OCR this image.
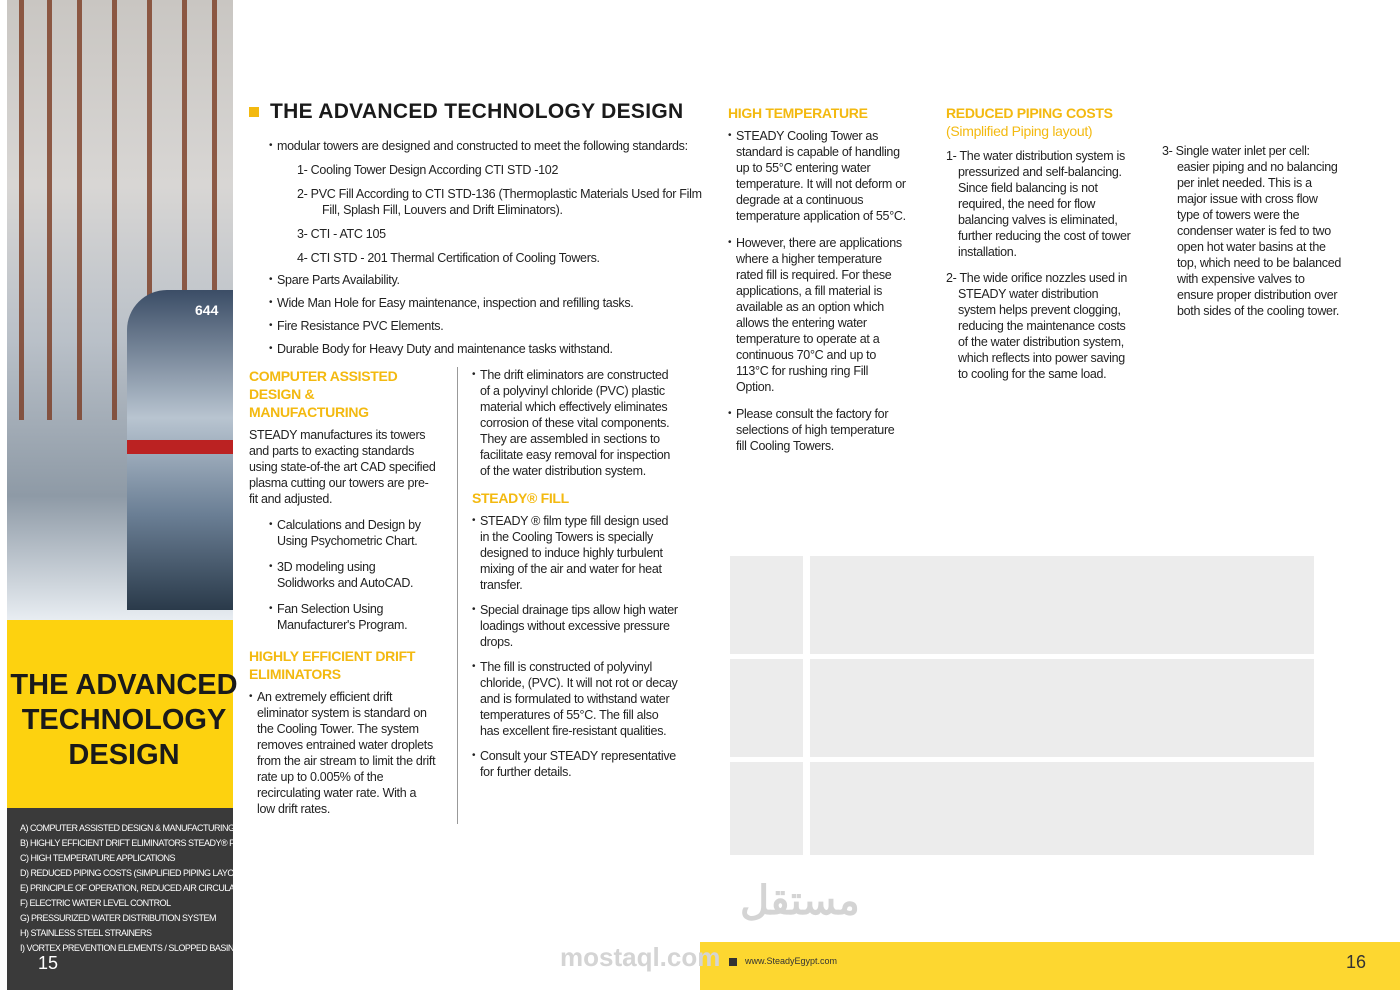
644
THE ADVANCED TECHNOLOGY DESIGN
A) COMPUTER ASSISTED DESIGN & MANUFACTURING.
B) HIGHLY EFFICIENT DRIFT ELIMINATORS STEADY® FILL
C) HIGH TEMPERATURE APPLICATIONS
D) REDUCED PIPING COSTS (SIMPLIFIED PIPING LAYOUT)
E) PRINCIPLE OF OPERATION, REDUCED AIR CIRCULATION
F) ELECTRIC WATER LEVEL CONTROL
G) PRESSURIZED WATER DISTRIBUTION SYSTEM
H) STAINLESS STEEL STRAINERS
I) VORTEX PREVENTION ELEMENTS / SLOPPED BASIN
15
THE ADVANCED TECHNOLOGY DESIGN
• modular towers are designed and constructed to meet the following standards:
1- Cooling Tower Design According CTI STD -102
2- PVC Fill According to CTI STD-136 (Thermoplastic Materials Used for Film Fill, Splash Fill, Louvers and Drift Eliminators).
3- CTI - ATC 105
4- CTI STD - 201 Thermal Certification of Cooling Towers.
• Spare Parts Availability.
• Wide Man Hole for Easy maintenance, inspection and refilling tasks.
• Fire Resistance PVC Elements.
• Durable Body for Heavy Duty and maintenance tasks withstand.
COMPUTER ASSISTED DESIGN & MANUFACTURING
STEADY manufactures its towers and parts to exacting standards using state-of-the art CAD specified plasma cutting our towers are pre-fit and adjusted.
• Calculations and Design by Using Psychometric Chart.
• 3D modeling using Solidworks and AutoCAD.
• Fan Selection Using Manufacturer's Program.
HIGHLY EFFICIENT DRIFT ELIMINATORS
• An extremely efficient drift eliminator system is standard on the Cooling Tower. The system removes entrained water droplets from the air stream to limit the drift rate up to 0.005% of the recirculating water rate. With a low drift rates.
• The drift eliminators are constructed of a polyvinyl chloride (PVC) plastic material which effectively eliminates corrosion of these vital components. They are assembled in sections to facilitate easy removal for inspection of the water distribution system.
STEADY® FILL
• STEADY ® film type fill design used in the Cooling Towers is specially designed to induce highly turbulent mixing of the air and water for heat transfer.
• Special drainage tips allow high water loadings without excessive pressure drops.
• The fill is constructed of polyvinyl chloride, (PVC). It will not rot or decay and is formulated to withstand water temperatures of 55°C. The fill also has excellent fire-resistant qualities.
• Consult your STEADY representative for further details.
HIGH TEMPERATURE
• STEADY Cooling Tower as standard is capable of handling up to 55°C entering water temperature. It will not deform or degrade at a continuous temperature application of 55°C.
• However, there are applications where a higher temperature rated fill is required. For these applications, a fill material is available as an option which allows the entering water temperature to operate at a continuous 70°C and up to 113°C for rushing ring Fill Option.
• Please consult the factory for selections of high temperature fill Cooling Towers.
REDUCED PIPING COSTS
(Simplified Piping layout)
1- The water distribution system is pressurized and self-balancing. Since field balancing is not required, the need for flow balancing valves is eliminated, further reducing the cost of tower installation.
2- The wide orifice nozzles used in STEADY water distribution system helps prevent clogging, reducing the maintenance costs of the water distribution system, which reflects into power saving to cooling for the same load.
3- Single water inlet per cell: easier piping and no balancing per inlet needed. This is a major issue with cross flow type of towers were the condenser water is fed to two open hot water basins at the top, which need to be balanced with expensive valves to ensure proper distribution over both sides of the cooling tower.
www.SteadyEgypt.com	16
مستقل
mostaql.com
